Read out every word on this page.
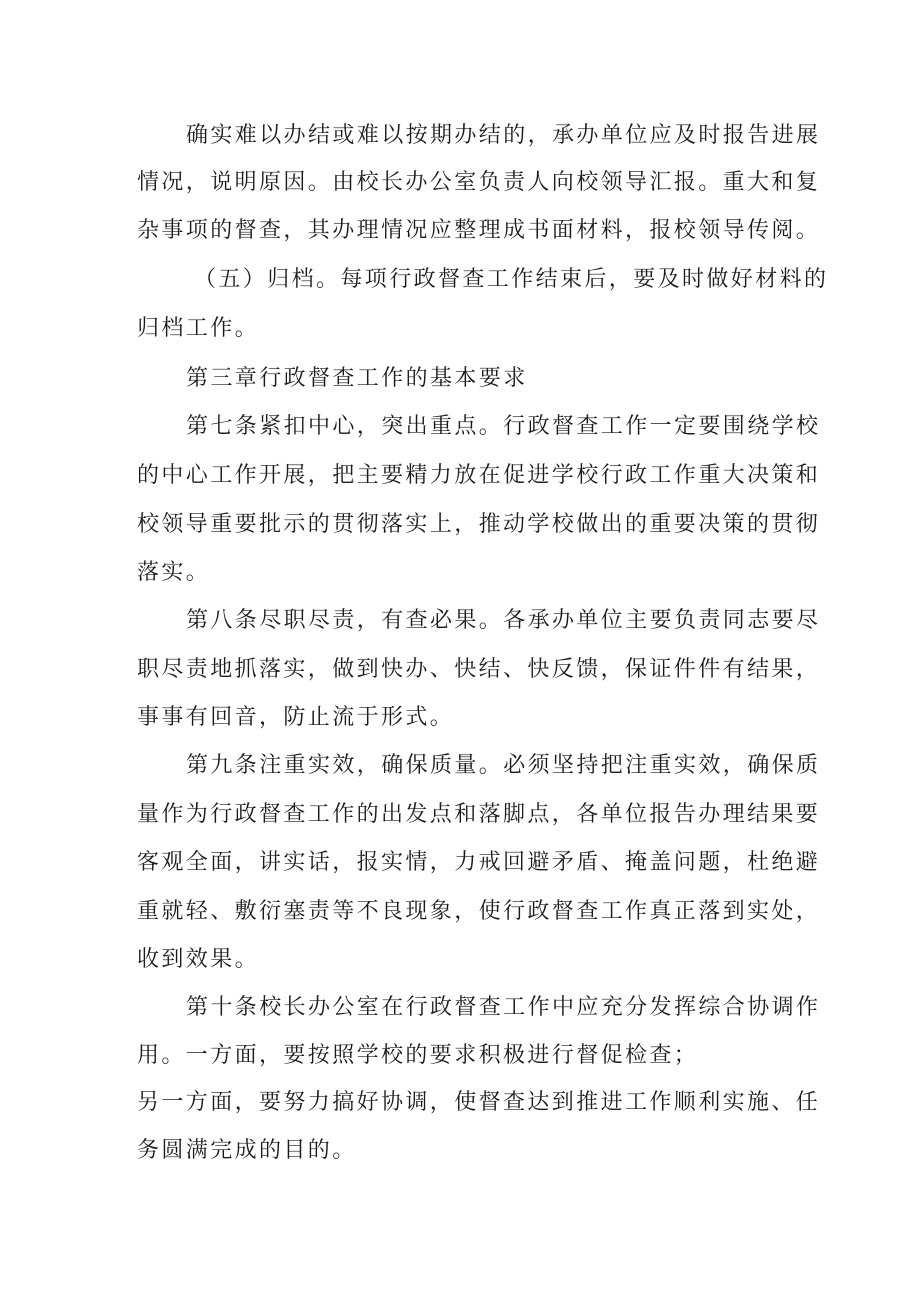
确实难以办结或难以按期办结的，承办单位应及时报告进展
情况，说明原因。由校长办公室负责人向校领导汇报。重大和复
杂事项的督查，其办理情况应整理成书面材料，报校领导传阅。
（五）归档。每项行政督查工作结束后，要及时做好材料的
归档工作。
第三章行政督查工作的基本要求
第七条紧扣中心，突出重点。行政督查工作一定要围绕学校
的中心工作开展，把主要精力放在促进学校行政工作重大决策和
校领导重要批示的贯彻落实上，推动学校做出的重要决策的贯彻
落实。
第八条尽职尽责，有查必果。各承办单位主要负责同志要尽
职尽责地抓落实，做到快办、快结、快反馈，保证件件有结果，
事事有回音，防止流于形式。
第九条注重实效，确保质量。必须坚持把注重实效，确保质
量作为行政督查工作的出发点和落脚点，各单位报告办理结果要
客观全面，讲实话，报实情，力戒回避矛盾、掩盖问题，杜绝避
重就轻、敷衍塞责等不良现象，使行政督查工作真正落到实处，
收到效果。
第十条校长办公室在行政督查工作中应充分发挥综合协调作
用。一方面，要按照学校的要求积极进行督促检查；
另一方面，要努力搞好协调，使督查达到推进工作顺利实施、任
务圆满完成的目的。
